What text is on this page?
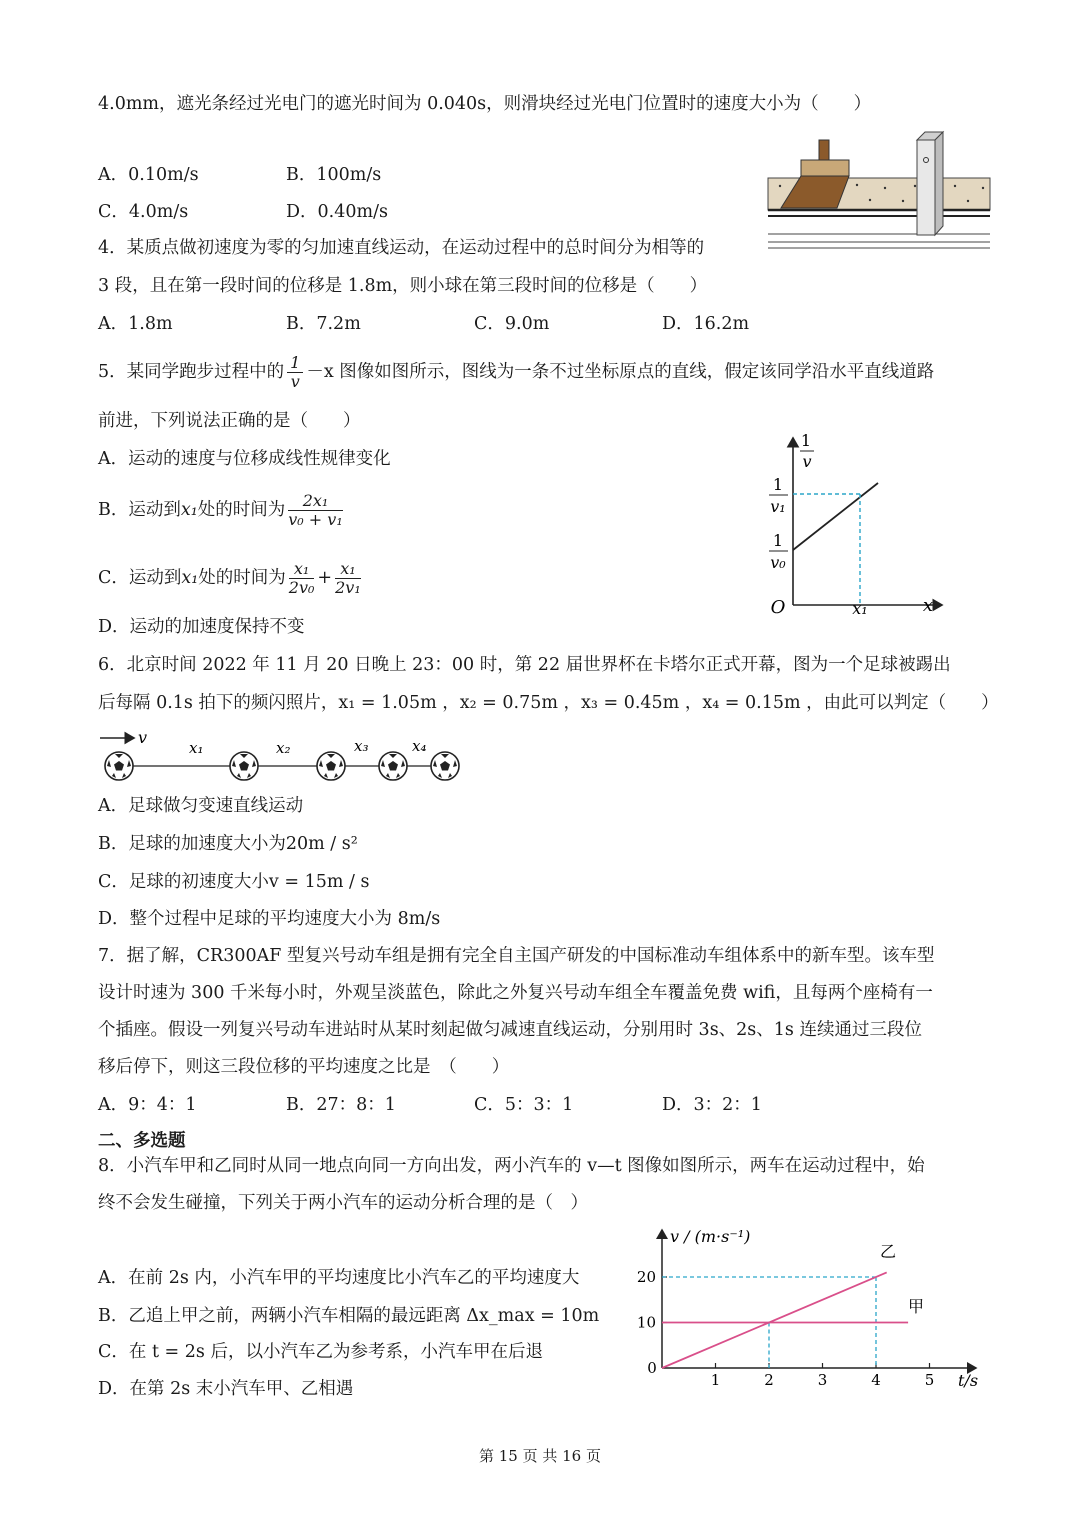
4.0mm，遮光条经过光电门的遮光时间为 0.040s，则滑块经过光电门位置时的速度大小为（　　）
A．0.10m/s	B．100m/s
C．4.0m/s	D．0.40m/s
4．某质点做初速度为零的匀加速直线运动，在运动过程中的总时间分为相等的
3 段，且在第一段时间的位移是 1.8m，则小球在第三段时间的位移是（　　）
A．1.8m	B．7.2m	C．9.0m	D．16.2m
5．某同学跑步过程中的 $\frac{1}{v} -x$ 图像如图所示，图线为一条不过坐标原点的直线，假定该同学沿水平直线道路
前进，下列说法正确的是（　　）
A．运动的速度与位移成线性规律变化
B．运动到x₁处的时间为 $\frac{\text{2x₁}}{\text{v₀ + v₁}}$
C．运动到x₁处的时间为 $\frac{\text{x₁}}{\text{2v₀}} + \frac{\text{x₁}}{\text{2v₁}}$
D．运动的加速度保持不变
1
v
1
v₁
1
v₀
O	x₁	x
6．北京时间 2022 年 11 月 20 日晚上 23：00 时，第 22 届世界杯在卡塔尔正式开幕，图为一个足球被踢出
后每隔 0.1s 拍下的频闪照片，x₁ = 1.05m ，x₂ = 0.75m ，x₃ = 0.45m ，x₄ = 0.15m ，由此可以判定（　　）
v
x₁	x₂	x₃	x₄
A．足球做匀变速直线运动
B．足球的加速度大小为20m / s²
C．足球的初速度大小v = 15m / s
D．整个过程中足球的平均速度大小为 8m/s
7．据了解，CR300AF 型复兴号动车组是拥有完全自主国产研发的中国标准动车组体系中的新车型。该车型
设计时速为 300 千米每小时，外观呈淡蓝色，除此之外复兴号动车组全车覆盖免费 wifi，且每两个座椅有一
个插座。假设一列复兴号动车进站时从某时刻起做匀减速直线运动，分别用时 3s、2s、1s 连续通过三段位
移后停下，则这三段位移的平均速度之比是　（　　）
A．9：4：1	B．27：8：1	C．5：3：1	D．3：2：1
二、多选题
8．小汽车甲和乙同时从同一地点向同一方向出发，两小汽车的 v—t 图像如图所示，两车在运动过程中，始
终不会发生碰撞，下列关于两小汽车的运动分析合理的是（　）
A．在前 2s 内，小汽车甲的平均速度比小汽车乙的平均速度大
B．乙追上甲之前，两辆小汽车相隔的最远距离 Δx_max = 10m
C．在 t = 2s 后，以小汽车乙为参考系，小汽车甲在后退
D．在第 2s 末小汽车甲、乙相遇
v / (m·s⁻¹)
t/s
0
1	2	3	4	5
10
20
乙
甲
第 15 页 共 16 页
